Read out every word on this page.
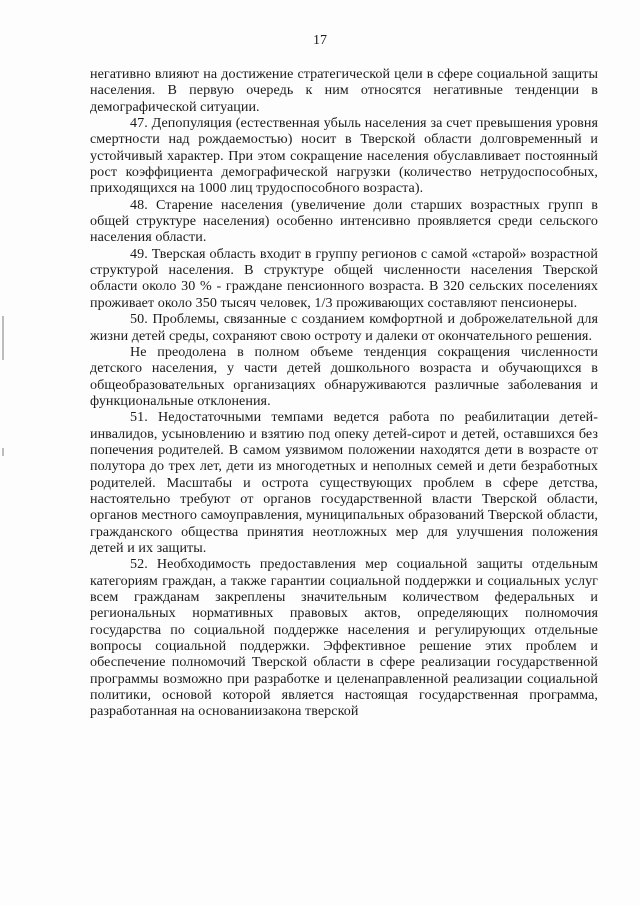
17

негативно влияют на достижение стратегической цели в сфере социальной защиты населения. В первую очередь к ним относятся негативные тенденции в демографической ситуации.

47. Депопуляция (естественная убыль населения за счет превышения уровня смертности над рождаемостью) носит в Тверской области долговременный и устойчивый характер. При этом сокращение населения обуславливает постоянный рост коэффициента демографической нагрузки (количество нетрудоспособных, приходящихся на 1000 лиц трудоспособного возраста).

48. Старение населения (увеличение доли старших возрастных групп в общей структуре населения) особенно интенсивно проявляется среди сельского населения области.

49. Тверская область входит в группу регионов с самой «старой» возрастной структурой населения. В структуре общей численности населения Тверской области около 30 % - граждане пенсионного возраста. В 320 сельских поселениях проживает около 350 тысяч человек, 1/3 проживающих составляют пенсионеры.

50. Проблемы, связанные с созданием комфортной и доброжелательной для жизни детей среды, сохраняют свою остроту и далеки от окончательного решения.

Не преодолена в полном объеме тенденция сокращения численности детского населения, у части детей дошкольного возраста и обучающихся в общеобразовательных организациях обнаруживаются различные заболевания и функциональные отклонения.

51. Недостаточными темпами ведется работа по реабилитации детей-инвалидов, усыновлению и взятию под опеку детей-сирот и детей, оставшихся без попечения родителей. В самом уязвимом положении находятся дети в возрасте от полутора до трех лет, дети из многодетных и неполных семей и дети безработных родителей. Масштабы и острота существующих проблем в сфере детства, настоятельно требуют от органов государственной власти Тверской области, органов местного самоуправления, муниципальных образований Тверской области, гражданского общества принятия неотложных мер для улучшения положения детей и их защиты.

52. Необходимость предоставления мер социальной защиты отдельным категориям граждан, а также гарантии социальной поддержки и социальных услуг всем гражданам закреплены значительным количеством федеральных и региональных нормативных правовых актов, определяющих полномочия государства по социальной поддержке населения и регулирующих отдельные вопросы социальной поддержки. Эффективное решение этих проблем и обеспечение полномочий Тверской области в сфере реализации государственной программы возможно при разработке и целенаправленной реализации социальной политики, основой которой является настоящая государственная программа, разработанная на основаниизакона тверской
